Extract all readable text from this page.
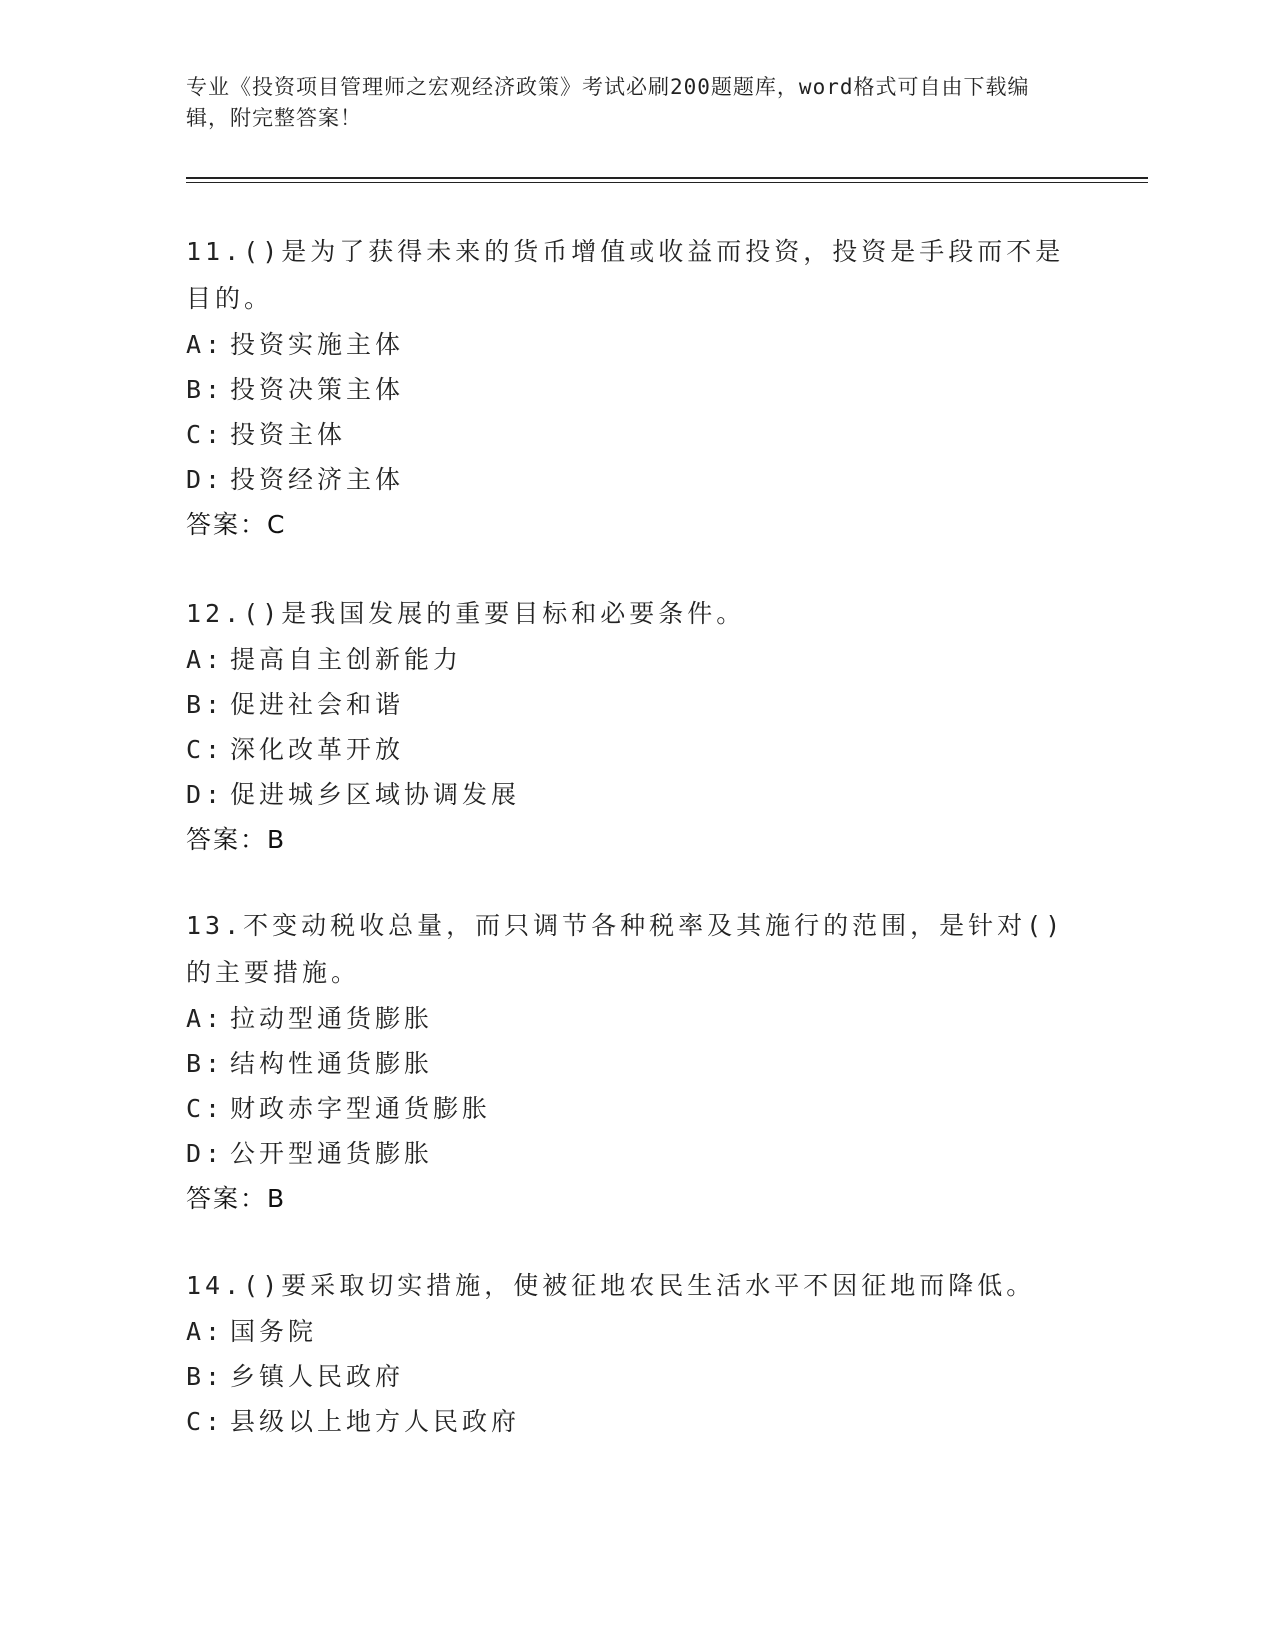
专业《投资项目管理师之宏观经济政策》考试必刷200题题库，word格式可自由下载编辑，附完整答案！

11.()是为了获得未来的货币增值或收益而投资，投资是手段而不是目的。

A: 投资实施主体

B: 投资决策主体

C: 投资主体

D: 投资经济主体

答案：C

12.()是我国发展的重要目标和必要条件。

A: 提高自主创新能力

B: 促进社会和谐

C: 深化改革开放

D: 促进城乡区域协调发展

答案：B

13.不变动税收总量，而只调节各种税率及其施行的范围，是针对()的主要措施。

A: 拉动型通货膨胀

B: 结构性通货膨胀

C: 财政赤字型通货膨胀

D: 公开型通货膨胀

答案：B

14.()要采取切实措施，使被征地农民生活水平不因征地而降低。

A: 国务院

B: 乡镇人民政府

C: 县级以上地方人民政府
